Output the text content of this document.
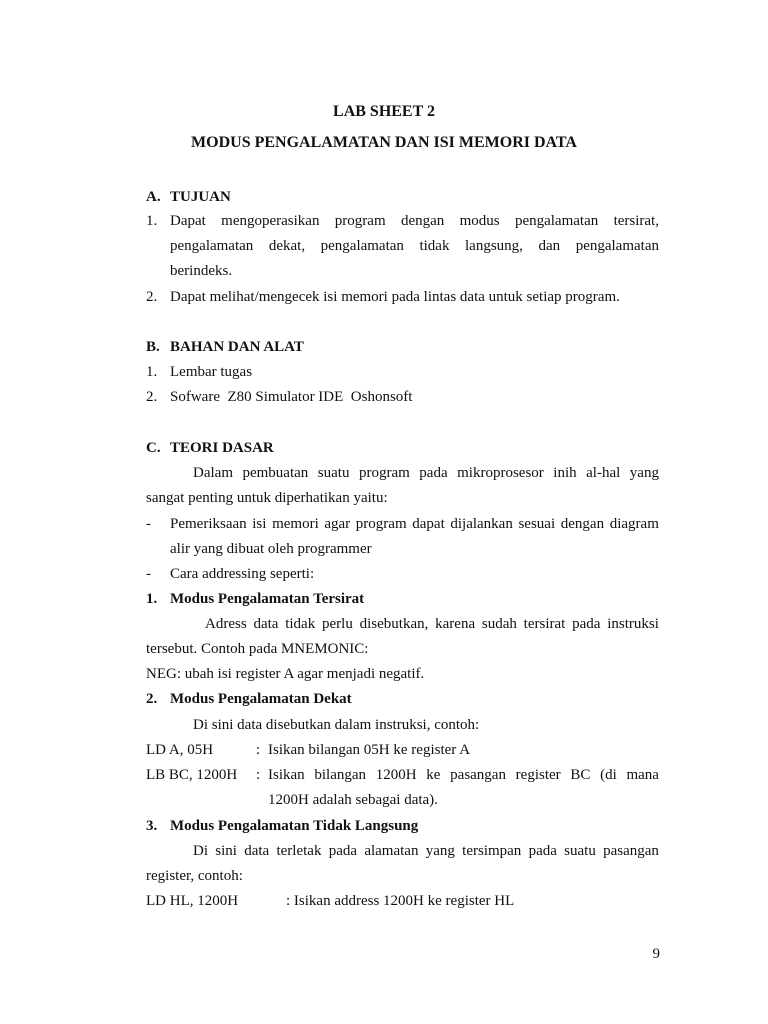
LAB SHEET 2
MODUS PENGALAMATAN DAN ISI MEMORI DATA
A. TUJUAN
1. Dapat mengoperasikan program dengan modus pengalamatan tersirat,
pengalamatan dekat, pengalamatan tidak langsung, dan pengalamatan
berindeks.
2. Dapat melihat/mengecek isi memori pada lintas data untuk setiap program.
B. BAHAN DAN ALAT
1. Lembar tugas
2. Sofware  Z80 Simulator IDE  Oshonsoft
C. TEORI DASAR
Dalam pembuatan suatu program pada mikroprosesor inih al-hal yang
sangat penting untuk diperhatikan yaitu:
- Pemeriksaan isi memori agar program dapat dijalankan sesuai dengan diagram
alir yang dibuat oleh programmer
- Cara addressing seperti:
1. Modus Pengalamatan Tersirat
Adress data tidak perlu disebutkan, karena sudah tersirat pada instruksi
tersebut. Contoh pada MNEMONIC:
NEG: ubah isi register A agar menjadi negatif.
2. Modus Pengalamatan Dekat
Di sini data disebutkan dalam instruksi, contoh:
LD A, 05H	: Isikan bilangan 05H ke register A
LB BC, 1200H : Isikan bilangan 1200H ke pasangan register BC (di mana
1200H adalah sebagai data).
3. Modus Pengalamatan Tidak Langsung
Di sini data terletak pada alamatan yang tersimpan pada suatu pasangan
register, contoh:
LD HL, 1200H	: Isikan address 1200H ke register HL
9
